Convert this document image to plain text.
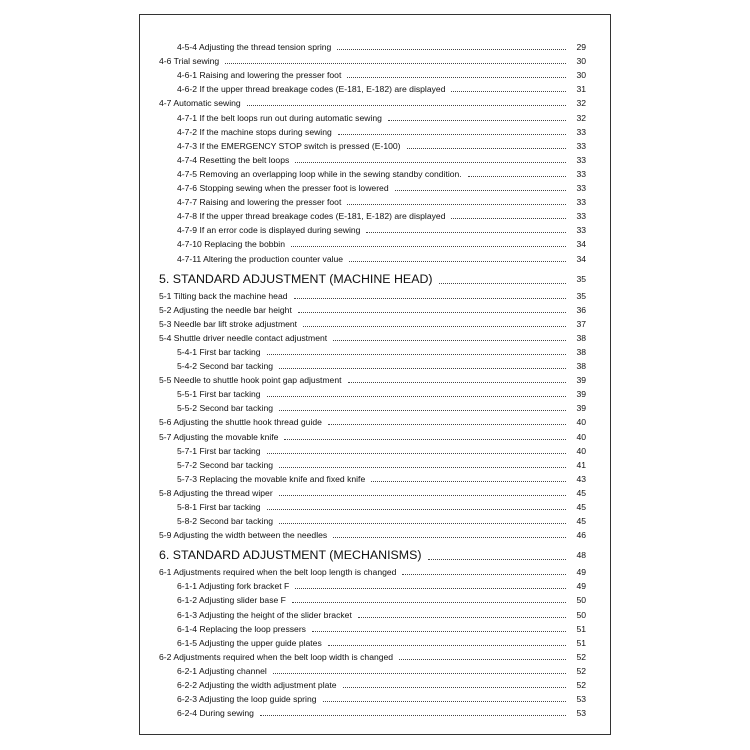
4-5-4 Adjusting the thread tension spring	29
4-6 Trial sewing	30
4-6-1 Raising and lowering the presser foot	30
4-6-2 If the upper thread breakage codes (E-181, E-182) are displayed	31
4-7 Automatic sewing	32
4-7-1 If the belt loops run out during automatic sewing	32
4-7-2 If the machine stops during sewing	33
4-7-3 If the EMERGENCY STOP switch is pressed (E-100)	33
4-7-4 Resetting the belt loops	33
4-7-5 Removing an overlapping loop while in the sewing standby condition.	33
4-7-6 Stopping sewing when the presser foot is lowered	33
4-7-7 Raising and lowering the presser foot	33
4-7-8 If the upper thread breakage codes (E-181, E-182) are displayed	33
4-7-9 If an error code is displayed during sewing	33
4-7-10 Replacing the bobbin	34
4-7-11 Altering the production counter value	34
5. STANDARD ADJUSTMENT (MACHINE HEAD)	35
5-1 Tilting back the machine head	35
5-2 Adjusting the needle bar height	36
5-3 Needle bar lift stroke adjustment	37
5-4 Shuttle driver needle contact adjustment	38
5-4-1 First bar tacking	38
5-4-2 Second bar tacking	38
5-5 Needle to shuttle hook point gap adjustment	39
5-5-1 First bar tacking	39
5-5-2 Second bar tacking	39
5-6 Adjusting the shuttle hook thread guide	40
5-7 Adjusting the movable knife	40
5-7-1 First bar tacking	40
5-7-2 Second bar tacking	41
5-7-3 Replacing the movable knife and fixed knife	43
5-8 Adjusting the thread wiper	45
5-8-1 First bar tacking	45
5-8-2 Second bar tacking	45
5-9 Adjusting the width between the needles	46
6. STANDARD ADJUSTMENT (MECHANISMS)	48
6-1 Adjustments required when the belt loop length is changed	49
6-1-1 Adjusting fork bracket F	49
6-1-2 Adjusting slider base F	50
6-1-3 Adjusting the height of the slider bracket	50
6-1-4 Replacing the loop pressers	51
6-1-5 Adjusting the upper guide plates	51
6-2 Adjustments required when the belt loop width is changed	52
6-2-1 Adjusting channel	52
6-2-2 Adjusting the width adjustment plate	52
6-2-3 Adjusting the loop guide spring	53
6-2-4 During sewing	53
